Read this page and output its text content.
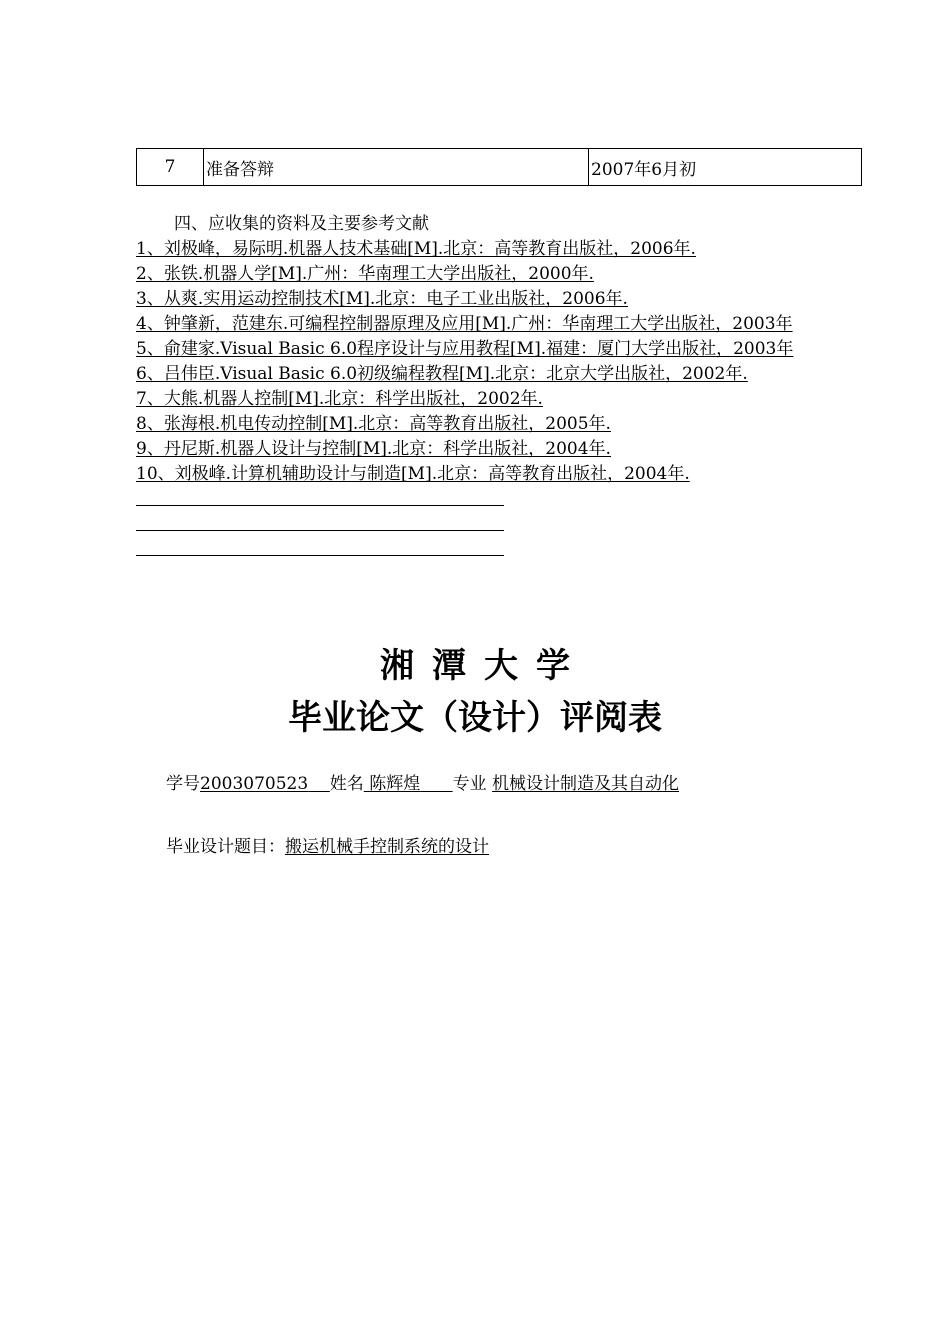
7	准备答辩	2007年6月初
四、应收集的资料及主要参考文献
1、刘极峰，易际明.机器人技术基础[M].北京：高等教育出版社，2006年.
2、张铁.机器人学[M].广州：华南理工大学出版社，2000年.
3、从爽.实用运动控制技术[M].北京：电子工业出版社，2006年.
4、钟肇新，范建东.可编程控制器原理及应用[M].广州：华南理工大学出版社，2003年
5、俞建家.Visual Basic 6.0程序设计与应用教程[M].福建：厦门大学出版社，2003年
6、吕伟臣.Visual Basic 6.0初级编程教程[M].北京：北京大学出版社，2002年.
7、大熊.机器人控制[M].北京：科学出版社，2002年.
8、张海根.机电传动控制[M].北京：高等教育出版社，2005年.
9、丹尼斯.机器人设计与控制[M].北京：科学出版社，2004年.
10、刘极峰.计算机辅助设计与制造[M].北京：高等教育出版社，2004年.
湘潭大学
毕业论文（设计）评阅表
学号2003070523 姓名 陈辉煌 专业 机械设计制造及其自动化
毕业设计题目：搬运机械手控制系统的设计
